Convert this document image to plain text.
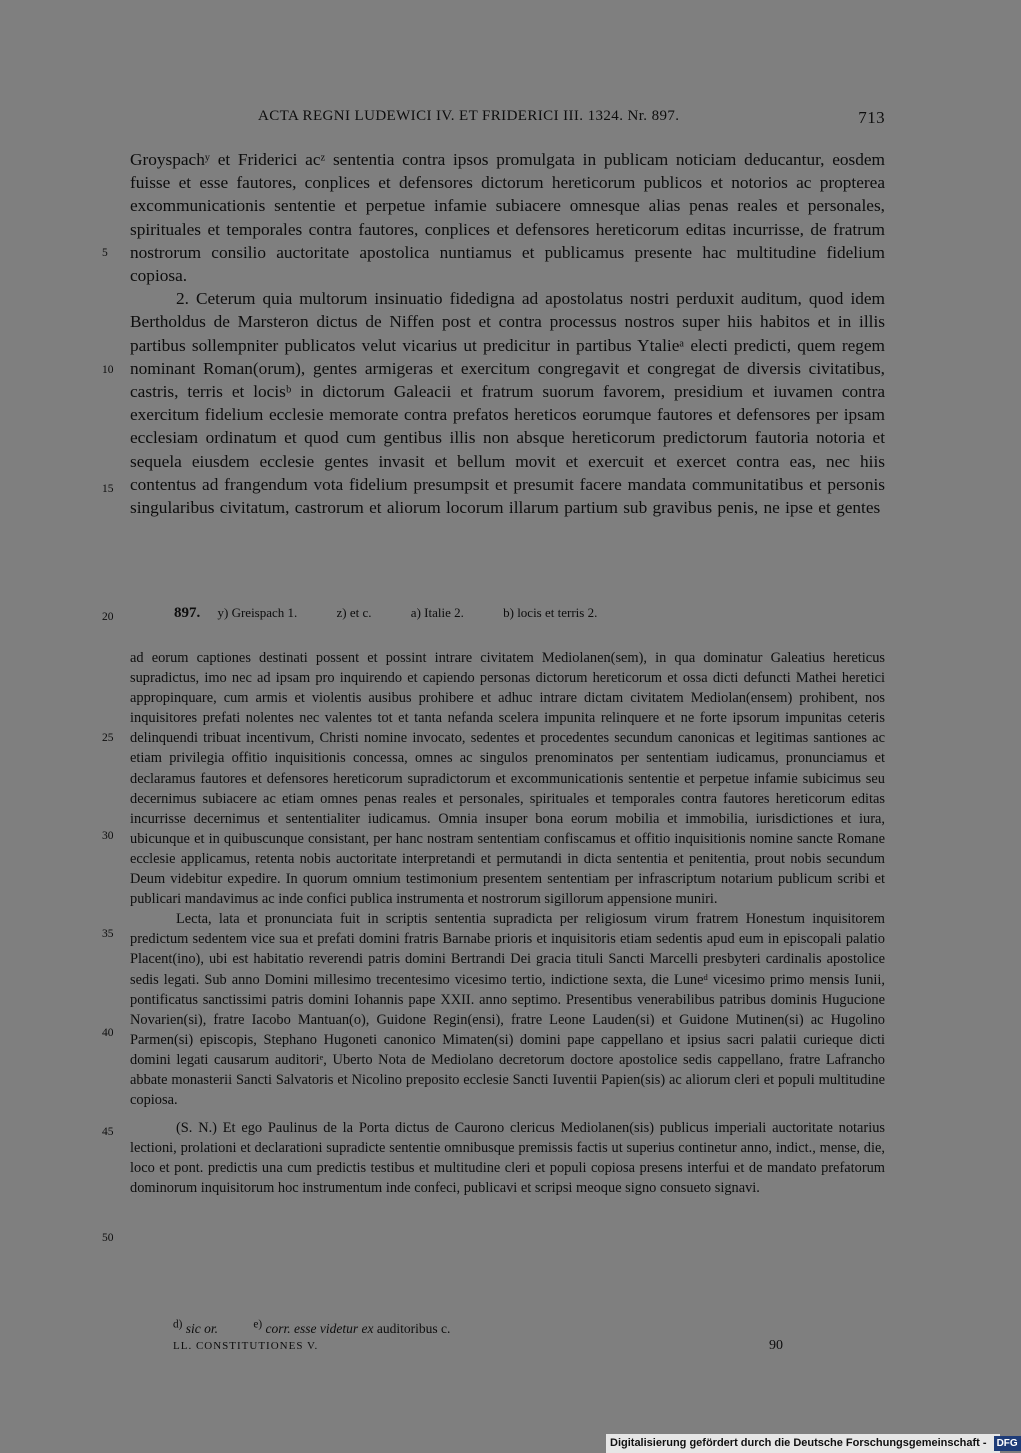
ACTA REGNI LUDEWICI IV. ET FRIDERICI III. 1324. Nr. 897.	713

Groyspachʸ et Friderici acᶻ sententia contra ipsos promulgata in publicam noticiam deducantur, eosdem fuisse et esse fautores, conplices et defensores dictorum hereticorum publicos et notorios ac propterea excommunicationis sententie et perpetue infamie subiacere omnesque alias penas reales et personales, spirituales et temporales contra fautores, conplices et defensores hereticorum editas incurrisse, de fratrum nostrorum consilio auctoritate apostolica nuntiamus et publicamus presente hac multitudine fidelium copiosa.

2. Ceterum quia multorum insinuatio fidedigna ad apostolatus nostri perduxit auditum, quod idem Bertholdus de Marsteron dictus de Niffen post et contra processus nostros super hiis habitos et in illis partibus sollempniter publicatos velut vicarius ut predicitur in partibus Ytalieᵃ electi predicti, quem regem nominant Roman(orum), gentes armigeras et exercitum congregavit et congregat de diversis civitatibus, castris, terris et locisᵇ in dictorum Galeacii et fratrum suorum favorem, presidium et iuvamen contra exercitum fidelium ecclesie memorate contra prefatos hereticos eorumque fautores et defensores per ipsam ecclesiam ordinatum et quod cum gentibus illis non absque hereticorum predictorum fautoria notoria et sequela eiusdem ecclesie gentes invasit et bellum movit et exercuit et exercet contra eas, nec hiis contentus ad frangendum vota fidelium presumpsit et presumit facere mandata communitatibus et personis singularibus civitatum, castrorum et aliorum locorum illarum partium sub gravibus penis, ne ipse et gentes

897. y) Greispach 1.	z) et c.	a) Italie 2.	b) locis et terris 2.

ad eorum captiones destinati possent et possint intrare civitatem Mediolanen(sem), in qua dominatur Galeatius hereticus supradictus, imo nec ad ipsam pro inquirendo et capiendo personas dictorum hereticorum et ossa dicti defuncti Mathei heretici appropinquare, cum armis et violentis ausibus prohibere et adhuc intrare dictam civitatem Mediolan(ensem) prohibent, nos inquisitores prefati nolentes nec valentes tot et tanta nefanda scelera impunita relinquere et ne forte ipsorum impunitas ceteris delinquendi tribuat incentivum, Christi nomine invocato, sedentes et procedentes secundum canonicas et legitimas santiones ac etiam privilegia offitio inquisitionis concessa, omnes ac singulos prenominatos per sententiam iudicamus, pronunciamus et declaramus fautores et defensores hereticorum supradictorum et excommunicationis sententie et perpetue infamie subicimus seu decernimus subiacere ac etiam omnes penas reales et personales, spirituales et temporales contra fautores hereticorum editas incurrisse decernimus et sententialiter iudicamus. Omnia insuper bona eorum mobilia et immobilia, iurisdictiones et iura, ubicunque et in quibuscunque consistant, per hanc nostram sententiam confiscamus et offitio inquisitionis nomine sancte Romane ecclesie applicamus, retenta nobis auctoritate interpretandi et permutandi in dicta sententia et penitentia, prout nobis secundum Deum videbitur expedire. In quorum omnium testimonium presentem sententiam per infrascriptum notarium publicum scribi et publicari mandavimus ac inde confici publica instrumenta et nostrorum sigillorum appensione muniri.

Lecta, lata et pronunciata fuit in scriptis sententia supradicta per religiosum virum fratrem Honestum inquisitorem predictum sedentem vice sua et prefati domini fratris Barnabe prioris et inquisitoris etiam sedentis apud eum in episcopali palatio Placent(ino), ubi est habitatio reverendi patris domini Bertrandi Dei gracia tituli Sancti Marcelli presbyteri cardinalis apostolice sedis legati. Sub anno Domini millesimo trecentesimo vicesimo tertio, indictione sexta, die Luneᵈ vicesimo primo mensis Iunii, pontificatus sanctissimi patris domini Iohannis pape XXII. anno septimo. Presentibus venerabilibus patribus dominis Hugucione Novarien(si), fratre Iacobo Mantuan(o), Guidone Regin(ensi), fratre Leone Lauden(si) et Guidone Mutinen(si) ac Hugolino Parmen(si) episcopis, Stephano Hugoneti canonico Mimaten(si) domini pape cappellano et ipsius sacri palatii curieque dicti domini legati causarum auditoriᵉ, Uberto Nota de Mediolano decretorum doctore apostolice sedis cappellano, fratre Lafrancho abbate monasterii Sancti Salvatoris et Nicolino preposito ecclesie Sancti Iuventii Papien(sis) ac aliorum cleri et populi multitudine copiosa.

(S. N.) Et ego Paulinus de la Porta dictus de Caurono clericus Mediolanen(sis) publicus imperiali auctoritate notarius lectioni, prolationi et declarationi supradicte sententie omnibusque premissis factis ut superius continetur anno, indict., mense, die, loco et pont. predictis una cum predictis testibus et multitudine cleri et populi copiosa presens interfui et de mandato prefatorum dominorum inquisitorum hoc instrumentum inde confeci, publicavi et scripsi meoque signo consueto signavi.

$^{d)}$ sic or.	$^{e)}$ corr. esse videtur ex auditoribus c.
LL. CONSTITUTIONES V.	90
5
10
15
20
25
30
35
40
45
50
Digitalisierung gefördert durch die Deutsche Forschungsgemeinschaft - DFG
